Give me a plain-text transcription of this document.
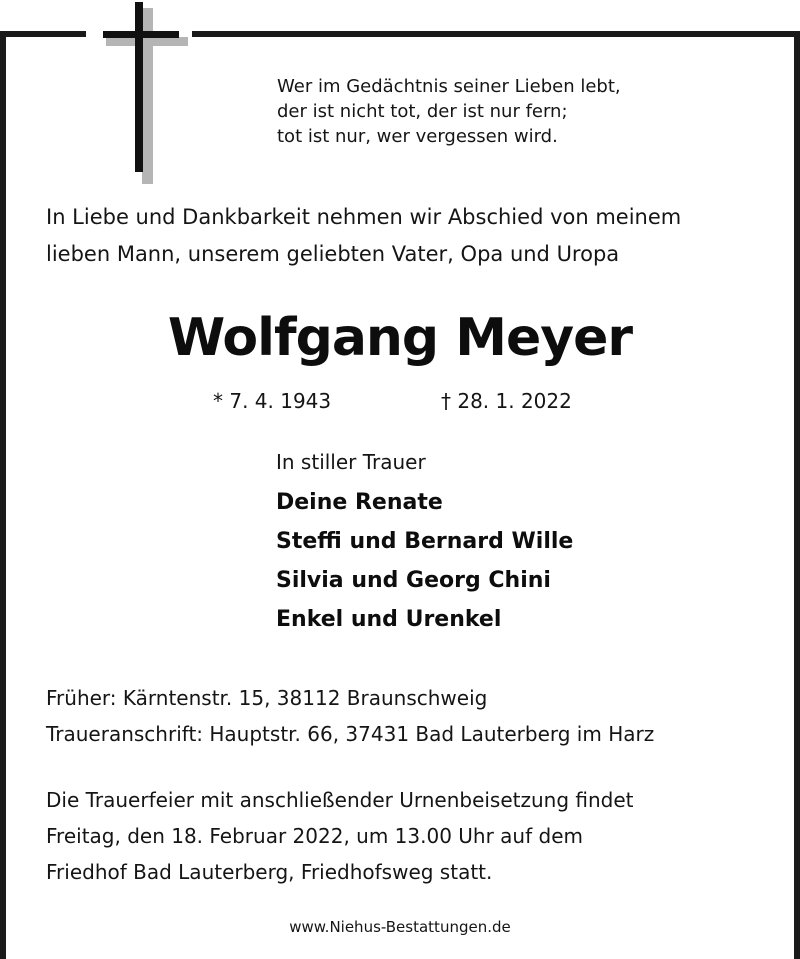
Wer im Gedächtnis seiner Lieben lebt,
der ist nicht tot, der ist nur fern;
tot ist nur, wer vergessen wird.
In Liebe und Dankbarkeit nehmen wir Abschied von meinem
lieben Mann, unserem geliebten Vater, Opa und Uropa
Wolfgang Meyer
* 7. 4. 1943	† 28. 1. 2022
In stiller Trauer
Deine Renate
Steffi und Bernard Wille
Silvia und Georg Chini
Enkel und Urenkel
Früher: Kärntenstr. 15, 38112 Braunschweig
Traueranschrift: Hauptstr. 66, 37431 Bad Lauterberg im Harz
Die Trauerfeier mit anschließender Urnenbeisetzung findet
Freitag, den 18. Februar 2022, um 13.00 Uhr auf dem
Friedhof Bad Lauterberg, Friedhofsweg statt.
www.Niehus-Bestattungen.de
